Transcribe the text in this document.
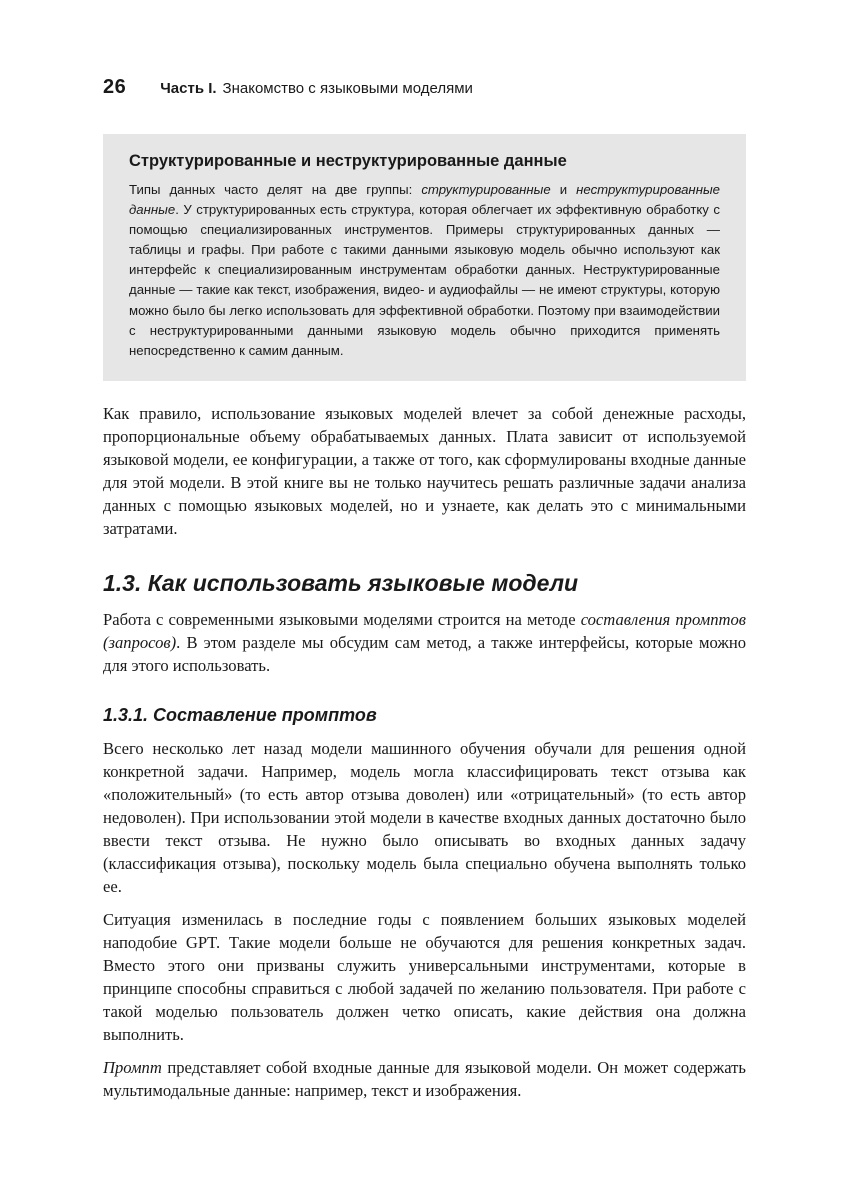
26 Часть I. Знакомство с языковыми моделями
Структурированные и неструктурированные данные

Типы данных часто делят на две группы: структурированные и неструктурированные данные. У структурированных есть структура, которая облегчает их эффективную обработку с помощью специализированных инструментов. Примеры структурированных данных — таблицы и графы. При работе с такими данными языковую модель обычно используют как интерфейс к специализированным инструментам обработки данных. Неструктурированные данные — такие как текст, изображения, видео- и аудиофайлы — не имеют структуры, которую можно было бы легко использовать для эффективной обработки. Поэтому при взаимодействии с неструктурированными данными языковую модель обычно приходится применять непосредственно к самим данным.

Как правило, использование языковых моделей влечет за собой денежные расходы, пропорциональные объему обрабатываемых данных. Плата зависит от используемой языковой модели, ее конфигурации, а также от того, как сформулированы входные данные для этой модели. В этой книге вы не только научитесь решать различные задачи анализа данных с помощью языковых моделей, но и узнаете, как делать это с минимальными затратами.

1.3. Как использовать языковые модели

Работа с современными языковыми моделями строится на методе составления промптов (запросов). В этом разделе мы обсудим сам метод, а также интерфейсы, которые можно для этого использовать.

1.3.1. Составление промптов

Всего несколько лет назад модели машинного обучения обучали для решения одной конкретной задачи. Например, модель могла классифицировать текст отзыва как «положительный» (то есть автор отзыва доволен) или «отрицательный» (то есть автор недоволен). При использовании этой модели в качестве входных данных достаточно было ввести текст отзыва. Не нужно было описывать во входных данных задачу (классификация отзыва), поскольку модель была специально обучена выполнять только ее.

Ситуация изменилась в последние годы с появлением больших языковых моделей наподобие GPT. Такие модели больше не обучаются для решения конкретных задач. Вместо этого они призваны служить универсальными инструментами, которые в принципе способны справиться с любой задачей по желанию пользователя. При работе с такой моделью пользователь должен четко описать, какие действия она должна выполнить.

Промпт представляет собой входные данные для языковой модели. Он может содержать мультимодальные данные: например, текст и изображения.
